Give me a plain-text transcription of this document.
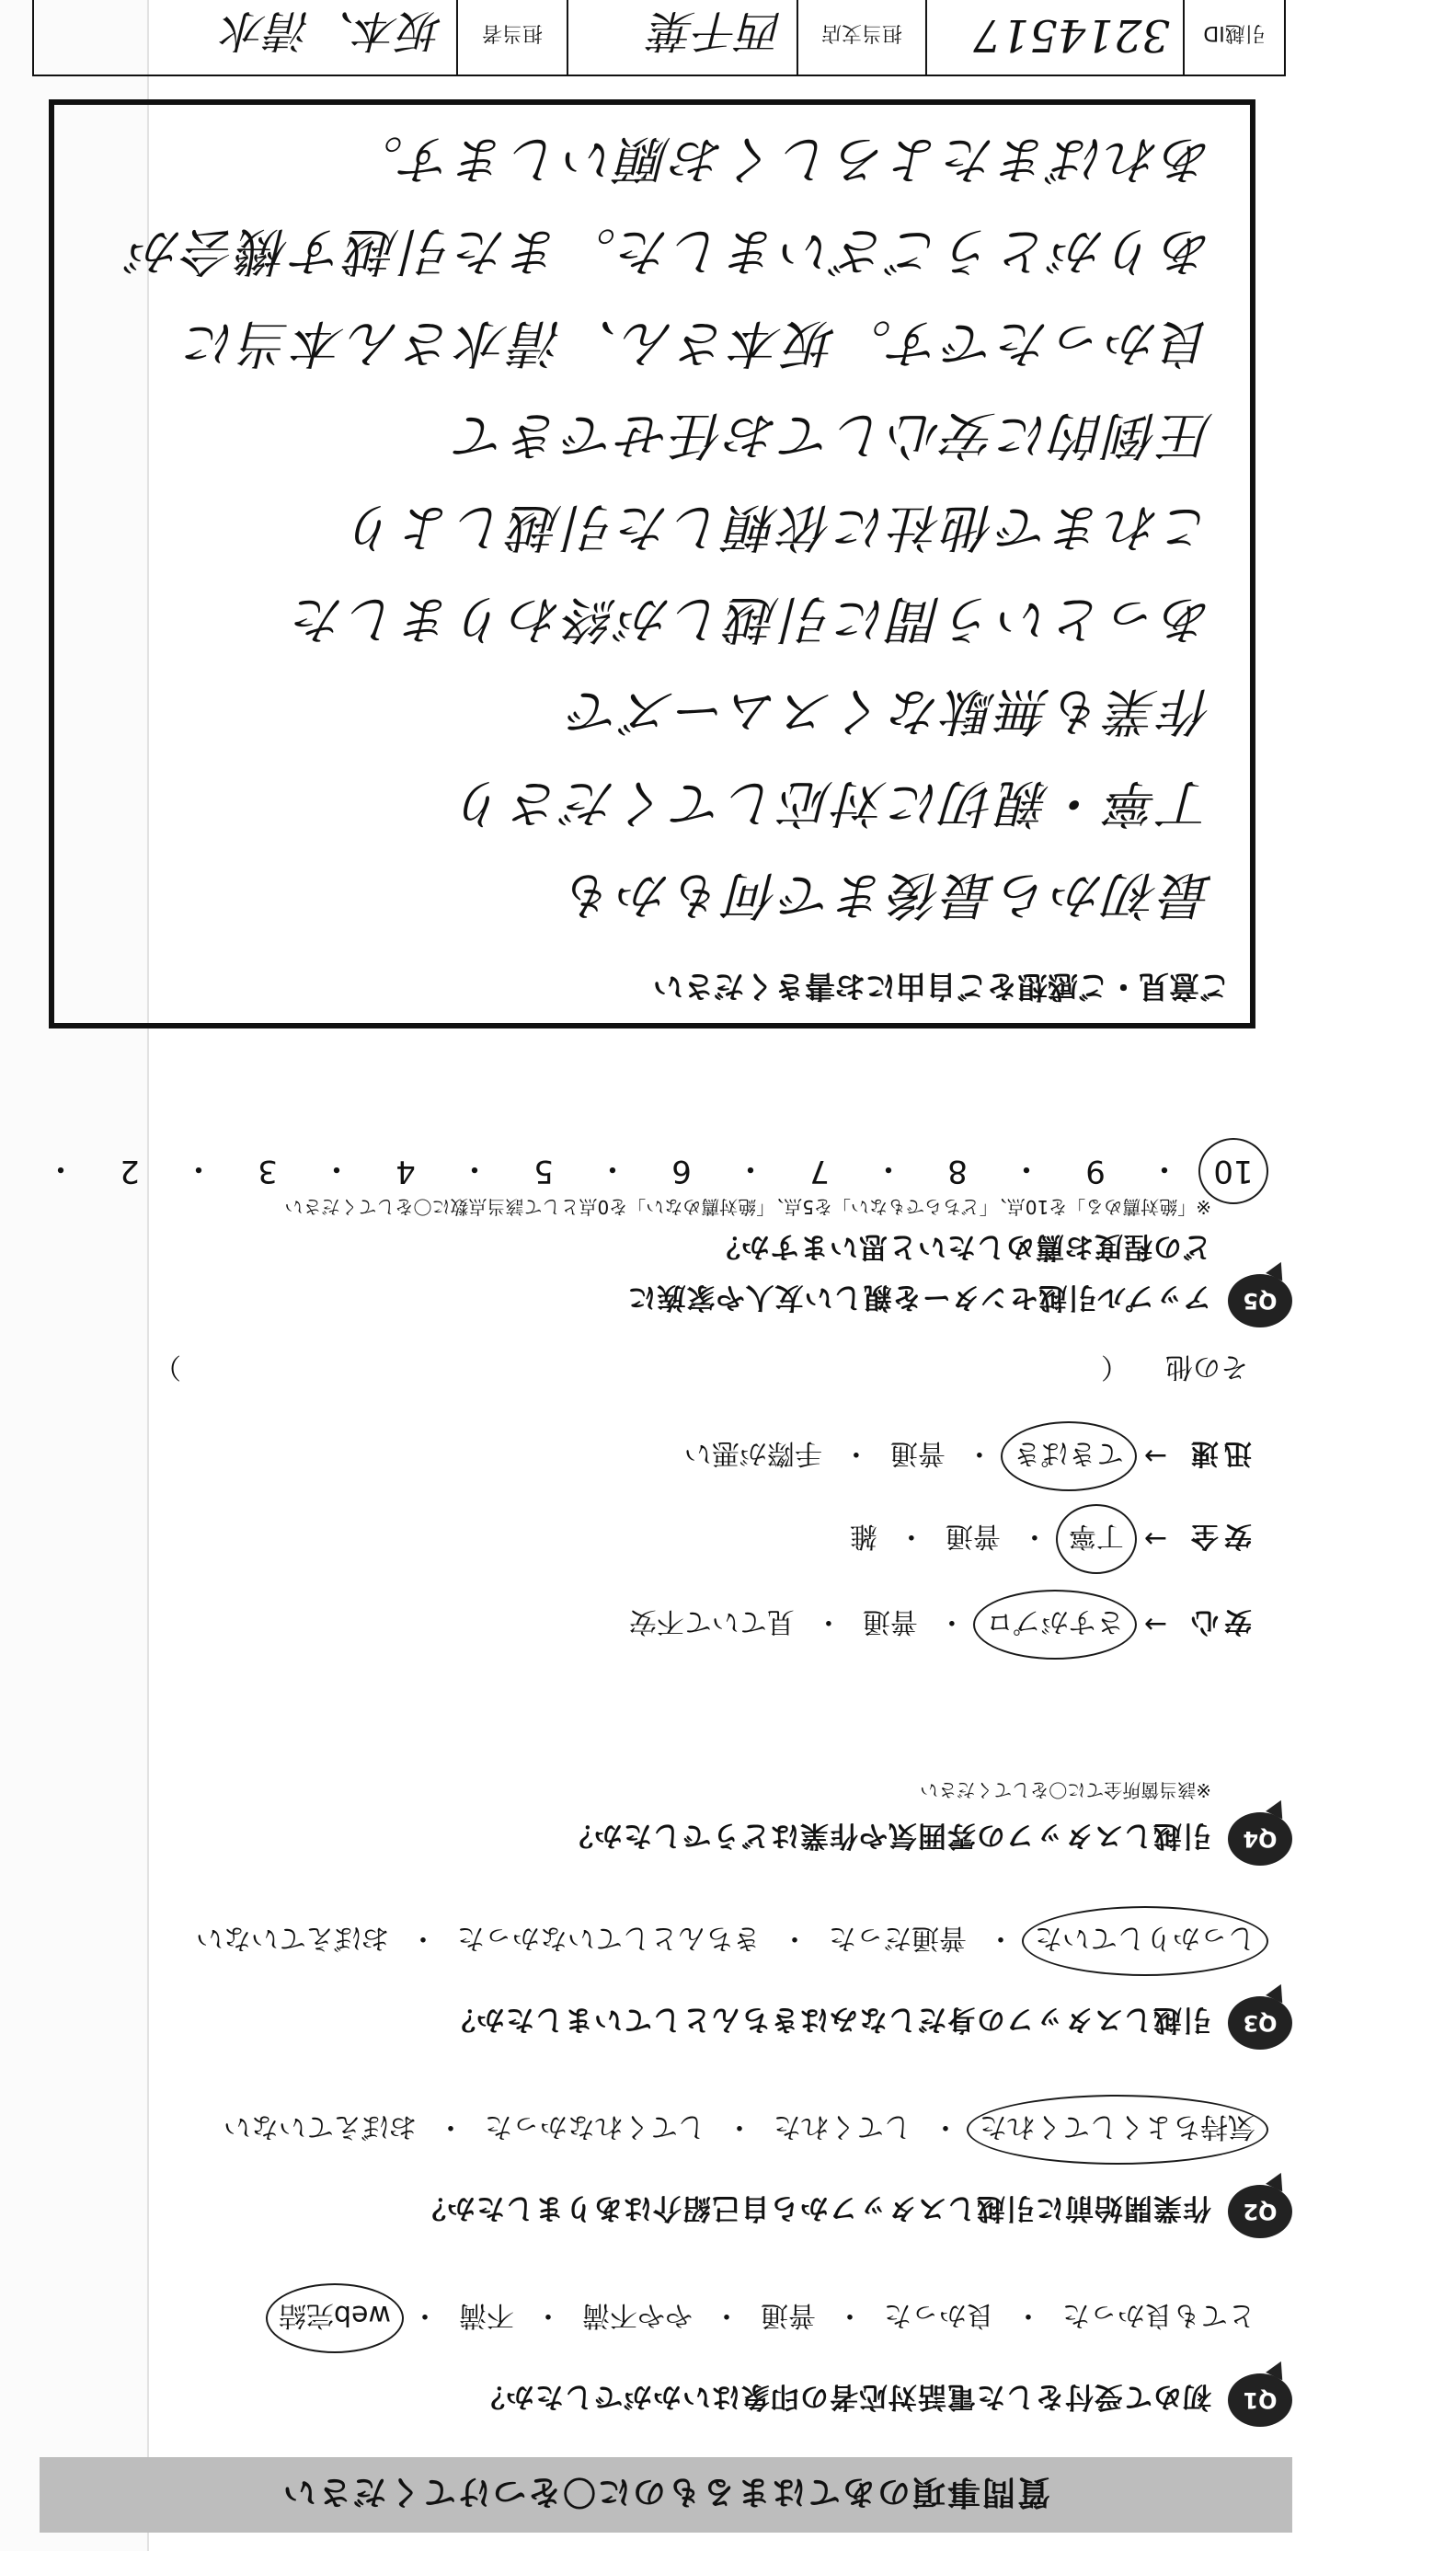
質問事項のあてはまるものに〇をつけてください
Q1
初めて受付をした電話対応者の印象はいかがでしたか？
とても良かった
・
良かった
・
普通
・
やや不満
・
不満
・
web完結
Q2
作業開始前に引越しスタッフから自己紹介はありましたか？
気持ちよくしてくれた
・
してくれた
・
してくれなかった
・
おぼえていない
Q3
引越しスタッフの身だしなみはきちんとしていましたか？
しっかりしていた
・
普通だった
・
きちんとしていなかった
・
おぼえていない
Q4
引越しスタッフの雰囲気や作業はどうでしたか？
※該当箇所全てに〇をしてください
安心
→
さすがプロ
・
普通
・
見ていて不安
安全
→
丁寧
・
普通
・
雑
迅速
→
てきぱき
・
普通
・
手際が悪い
その他
（
）
Q5
アップル引越センターを親しい友人や家族に
どの程度お薦めしたいと思いますか？
※「絶対薦める」を10点、「どちらでもない」を5点、「絶対薦めない」を0点として該当点数に〇をしてください
10
・
9
・
8
・
7
・
6
・
5
・
4
・
3
・
2
・
ご意見・ご感想をご自由にお書きください
最初から最後まで何もかも
丁寧・親切に対応してくださり
作業も無駄なくスムーズで
あっという間に引越しが終わりました
これまで他社に依頼した引越しより
圧倒的に安心してお任せできて
良かったです。坂本さん、清水さん本当に
ありがとうございました。また引越す機会が
あればまたよろしくお願いします。
引越ID
3214517
担当支店
西千葉
担当者
坂本、清水
